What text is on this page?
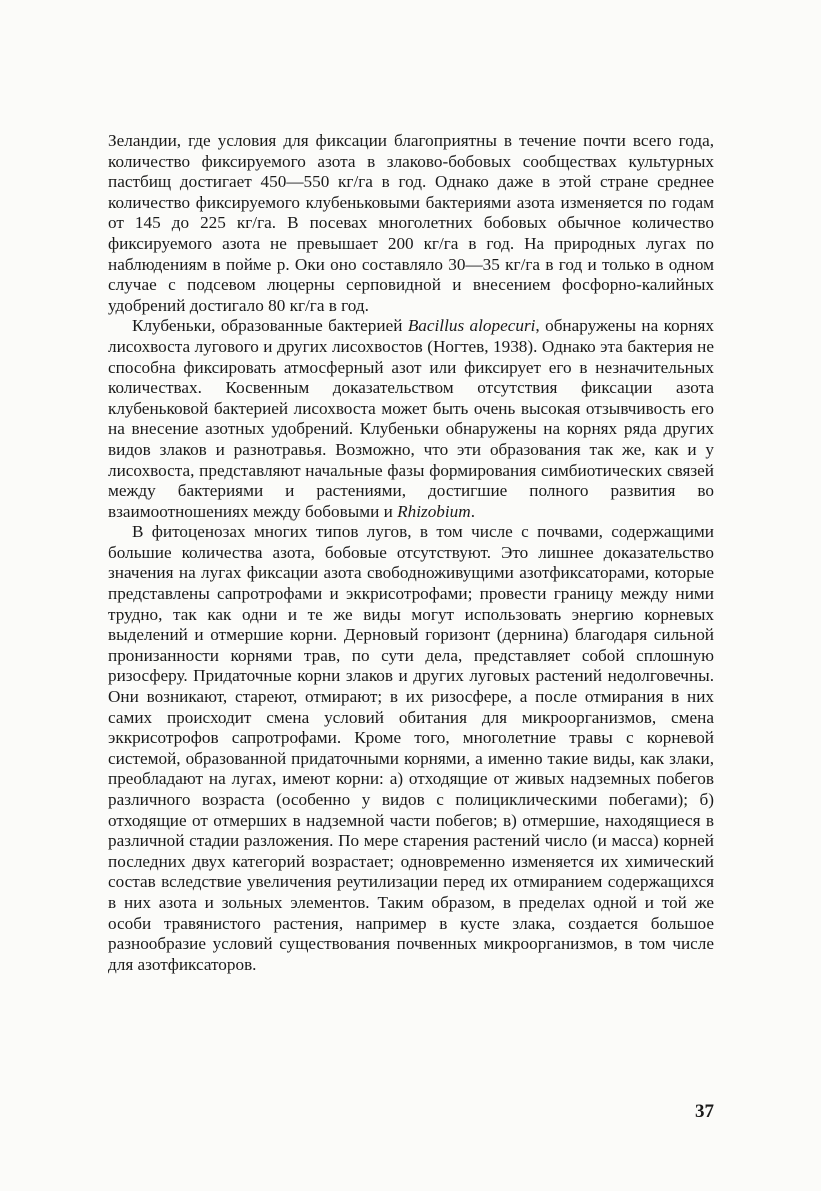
Зеландии, где условия для фиксации благоприятны в течение почти всего года, количество фиксируемого азота в злаково-бобовых сообществах культурных пастбищ достигает 450—550 кг/га в год. Однако даже в этой стране среднее количество фиксируемого клубеньковыми бактериями азота изменяется по годам от 145 до 225 кг/га. В посевах многолетних бобовых обычное количество фиксируемого азота не превышает 200 кг/га в год. На природных лугах по наблюдениям в пойме р. Оки оно составляло 30—35 кг/га в год и только в одном случае с подсевом люцерны серповидной и внесением фосфорно-калийных удобрений достигало 80 кг/га в год.

Клубеньки, образованные бактерией Bacillus alopecuri, обнаружены на корнях лисохвоста лугового и других лисохвостов (Ногтев, 1938). Однако эта бактерия не способна фиксировать атмосферный азот или фиксирует его в незначительных количествах. Косвенным доказательством отсутствия фиксации азота клубеньковой бактерией лисохвоста может быть очень высокая отзывчивость его на внесение азотных удобрений. Клубеньки обнаружены на корнях ряда других видов злаков и разнотравья. Возможно, что эти образования так же, как и у лисохвоста, представляют начальные фазы формирования симбиотических связей между бактериями и растениями, достигшие полного развития во взаимоотношениях между бобовыми и Rhizobium.

В фитоценозах многих типов лугов, в том числе с почвами, содержащими большие количества азота, бобовые отсутствуют. Это лишнее доказательство значения на лугах фиксации азота свободноживущими азотфиксаторами, которые представлены сапротрофами и эккрисотрофами; провести границу между ними трудно, так как одни и те же виды могут использовать энергию корневых выделений и отмершие корни. Дерновый горизонт (дернина) благодаря сильной пронизанности корнями трав, по сути дела, представляет собой сплошную ризосферу. Придаточные корни злаков и других луговых растений недолговечны. Они возникают, стареют, отмирают; в их ризосфере, а после отмирания в них самих происходит смена условий обитания для микроорганизмов, смена эккрисотрофов сапротрофами. Кроме того, многолетние травы с корневой системой, образованной придаточными корнями, а именно такие виды, как злаки, преобладают на лугах, имеют корни: а) отходящие от живых надземных побегов различного возраста (особенно у видов с полициклическими побегами); б) отходящие от отмерших в надземной части побегов; в) отмершие, находящиеся в различной стадии разложения. По мере старения растений число (и масса) корней последних двух категорий возрастает; одновременно изменяется их химический состав вследствие увеличения реутилизации перед их отмиранием содержащихся в них азота и зольных элементов. Таким образом, в пределах одной и той же особи травянистого растения, например в кусте злака, создается большое разнообразие условий существования почвенных микроорганизмов, в том числе для азотфиксаторов.

37
